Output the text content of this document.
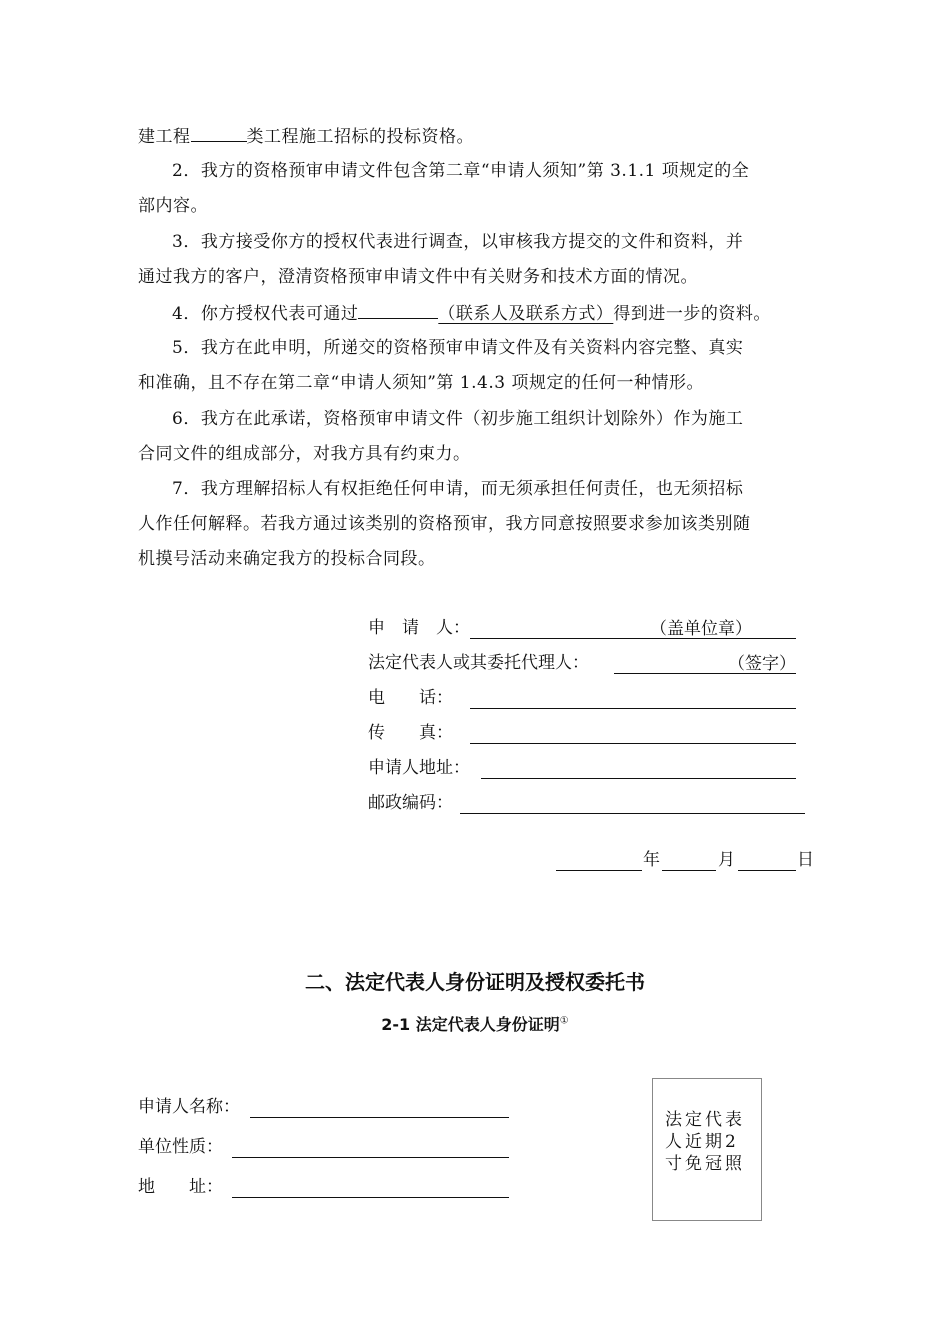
建工程	类工程施工招标的投标资格。
2．我方的资格预审申请文件包含第二章“申请人须知”第 3.1.1 项规定的全
部内容。
3．我方接受你方的授权代表进行调查，以审核我方提交的文件和资料，并
通过我方的客户，澄清资格预审申请文件中有关财务和技术方面的情况。
4．你方授权代表可通过	（联系人及联系方式）得到进一步的资料。
5．我方在此申明，所递交的资格预审申请文件及有关资料内容完整、真实
和准确，且不存在第二章“申请人须知”第 1.4.3 项规定的任何一种情形。
6．我方在此承诺，资格预审申请文件（初步施工组织计划除外）作为施工
合同文件的组成部分，对我方具有约束力。
7．我方理解招标人有权拒绝任何申请，而无须承担任何责任，也无须招标
人作任何解释。若我方通过该类别的资格预审，我方同意按照要求参加该类别随
机摸号活动来确定我方的投标合同段。
申　请　人：	（盖单位章）
法定代表人或其委托代理人：	（签字）
电　　话：
传　　真：
申请人地址：
邮政编码：
年	月	日
二、法定代表人身份证明及授权委托书
2-1 法定代表人身份证明①
申请人名称：
单位性质：
地　　址：
法定代表人近期2寸免冠照
